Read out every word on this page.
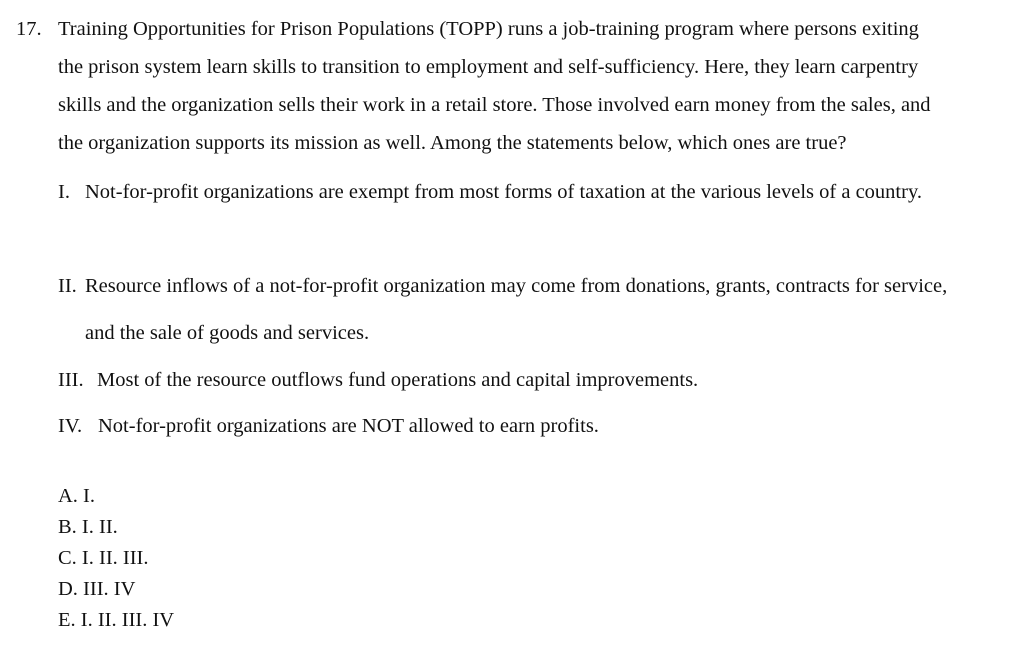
17. Training Opportunities for Prison Populations (TOPP) runs a job-training program where persons exiting
the prison system learn skills to transition to employment and self-sufficiency. Here, they learn carpentry
skills and the organization sells their work in a retail store. Those involved earn money from the sales, and
the organization supports its mission as well. Among the statements below, which ones are true?
I. Not-for-profit organizations are exempt from most forms of taxation at the various levels of a country.
II. Resource inflows of a not-for-profit organization may come from donations, grants, contracts for service,
and the sale of goods and services.
III. Most of the resource outflows fund operations and capital improvements.
IV. Not-for-profit organizations are NOT allowed to earn profits.
A. I.
B. I. II.
C. I. II. III.
D. III. IV
E. I. II. III. IV
